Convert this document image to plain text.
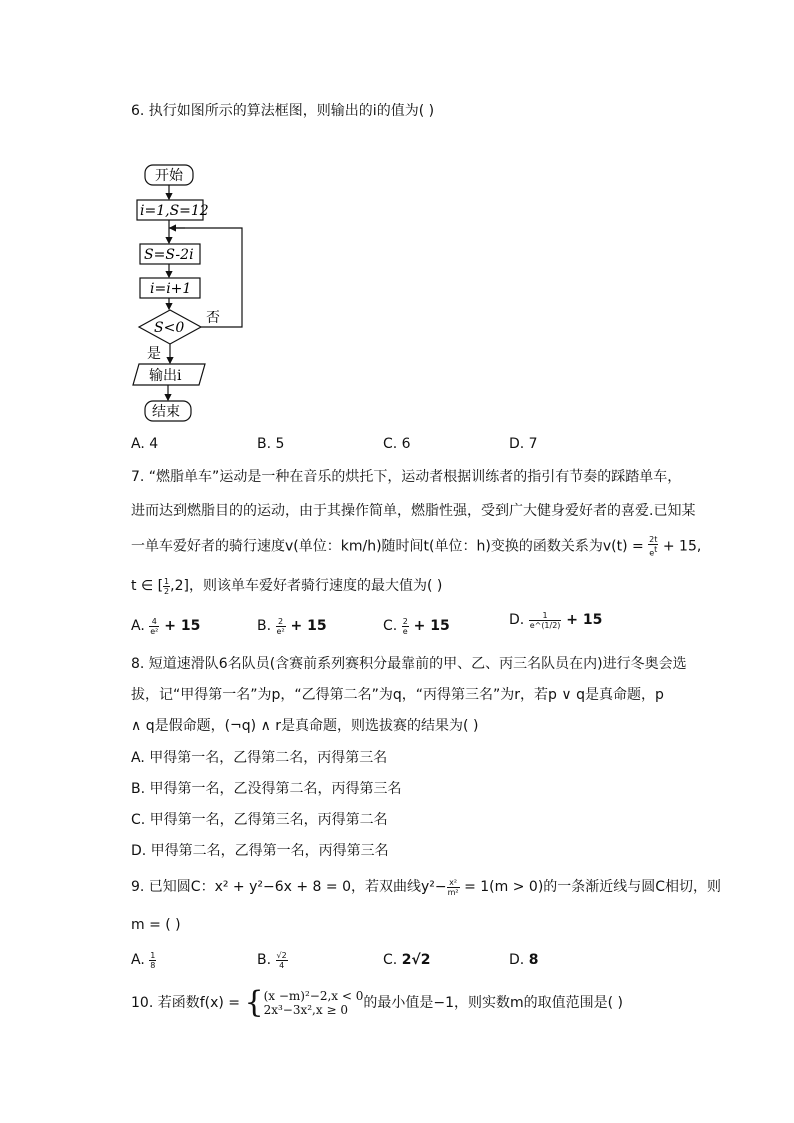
6. 执行如图所示的算法框图，则输出的i的值为( )
开始
i=1,S=12
S=S-2i
i=i+1
S<0
否
是
输出i
结束
A. 4	B. 5	C. 6	D. 7
7. “燃脂单车”运动是一种在音乐的烘托下，运动者根据训练者的指引有节奏的踩踏单车，
进而达到燃脂目的的运动，由于其操作简单，燃脂性强，受到广大健身爱好者的喜爱.已知某
一单车爱好者的骑行速度v(单位：km/h)随时间t(单位：h)变换的函数关系为$v(t) = \frac{2t}{e^t} + 15$,
t ∈ [ $\frac{1}{2} ,2$]，则该单车爱好者骑行速度的最大值为( )
A. $\frac{4}{\text{e²}} + 15$	B. $\frac{2}{\text{e²}} + 15$	C. $\frac{2}{e} + 15$	D. $\frac{1}{e\^{}(1/2)} + 15$
8. 短道速滑队6名队员(含赛前系列赛积分最靠前的甲、乙、丙三名队员在内)进行冬奥会选
拔，记“甲得第一名”为p，“乙得第二名”为q，“丙得第三名”为r，若p ∨ q是真命题，p
∧ q是假命题，(¬q) ∧ r是真命题，则选拔赛的结果为( )
A. 甲得第一名，乙得第二名，丙得第三名
B. 甲得第一名，乙没得第二名，丙得第三名
C. 甲得第一名，乙得第三名，丙得第二名
D. 甲得第二名，乙得第一名，丙得第三名
9. 已知圆C：x² + y²−6x + 8 = 0，若双曲线$y^2- \frac{\text{x²}}{\text{m²}} = 1(m > 0)$的一条渐近线与圆C相切，则
m = ( )
A. $\frac{1}{8}$	B. $\frac{√2}{4}$	C. 2√2	D. 8
10. 若函数f(x) = { (x −m)²−2,x < 0
2x³−3x²,x ≥ 0	的最小值是−1，则实数m的取值范围是( )
